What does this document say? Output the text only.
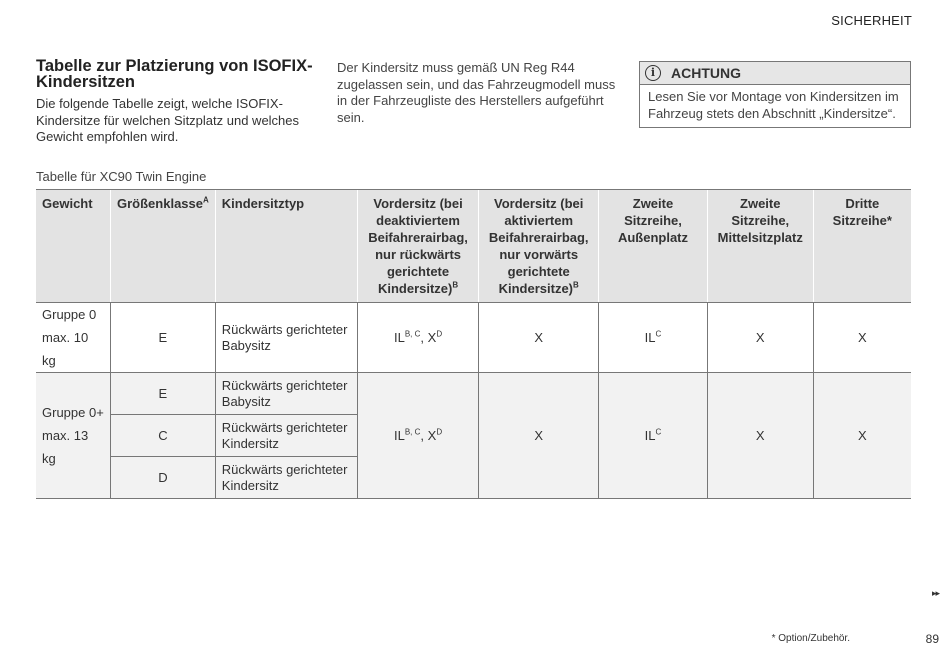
SICHERHEIT
Tabelle zur Platzierung von ISOFIX-Kindersitzen
Die folgende Tabelle zeigt, welche ISOFIX-Kindersitze für welchen Sitzplatz und welches Gewicht empfohlen wird.
Der Kindersitz muss gemäß UN Reg R44 zugelassen sein, und das Fahrzeugmodell muss in der Fahrzeugliste des Herstellers aufgeführt sein.
i	ACHTUNG
Lesen Sie vor Montage von Kindersitzen im Fahrzeug stets den Abschnitt „Kindersitze“.
Tabelle für XC90 Twin Engine
Gewicht	Größenklasse$^A$	Kindersitztyp	Vordersitz (bei deaktiviertem Beifahrerairbag, nur rückwärts gerichtete Kindersitze)$^B$	Vordersitz (bei aktiviertem Beifahrerairbag, nur vorwärts gerichtete Kindersitze)$^B$	Zweite Sitzreihe, Außenplatz	Zweite Sitzreihe, Mittelsitzplatz	Dritte Sitzreihe*

Gruppe 0
max. 10 kg	E	Rückwärts gerichteter Babysitz	$IL^{B, C}$, $X^D$	X	$IL^C$	X	X

Gruppe 0+
max. 13 kg	E	Rückwärts gerichteter Babysitz	$IL^{B, C}$, $X^D$	X	$IL^C$	X	X
	C	Rückwärts gerichteter Kindersitz					
	D	Rückwärts gerichteter Kindersitz					
▸▸
* Option/Zubehör.	89
